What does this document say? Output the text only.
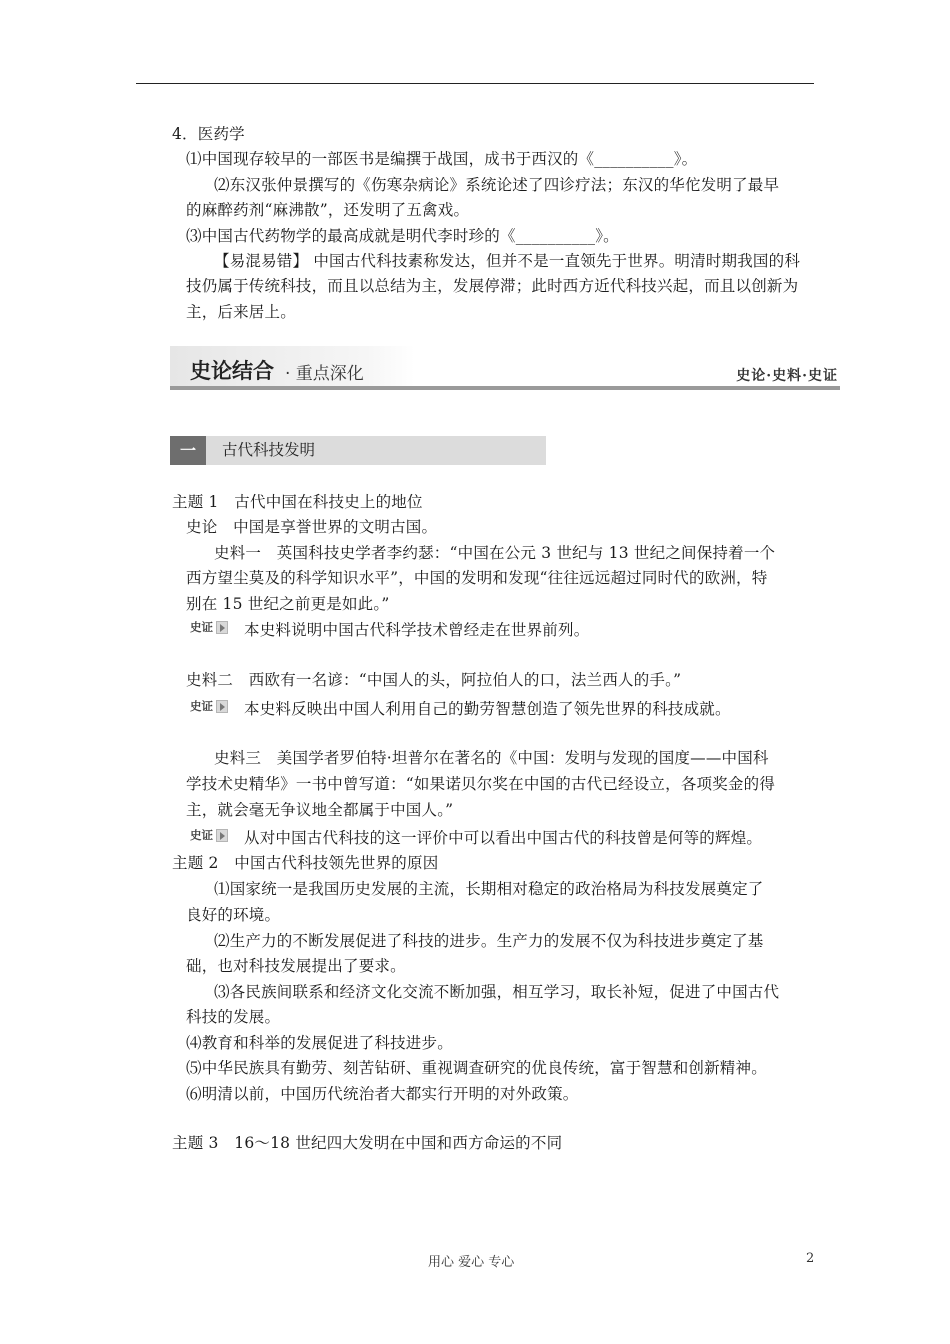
4．医药学
⑴中国现存较早的一部医书是编撰于战国，成书于西汉的《__________》。
⑵东汉张仲景撰写的《伤寒杂病论》系统论述了四诊疗法；东汉的华佗发明了最早
的麻醉药剂“麻沸散”，还发明了五禽戏。
⑶中国古代药物学的最高成就是明代李时珍的《__________》。
【易混易错】 中国古代科技素称发达，但并不是一直领先于世界。明清时期我国的科
技仍属于传统科技，而且以总结为主，发展停滞；此时西方近代科技兴起，而且以创新为
主，后来居上。
史论结合 · 重点深化	史论·史料·史证
一	古代科技发明
主题 1　古代中国在科技史上的地位
史论　中国是享誉世界的文明古国。
史料一　英国科技史学者李约瑟：“中国在公元 3 世纪与 13 世纪之间保持着一个
西方望尘莫及的科学知识水平”，中国的发明和发现“往往远远超过同时代的欧洲，特
别在 15 世纪之前更是如此。”
史证 本史料说明中国古代科学技术曾经走在世界前列。
史料二　西欧有一名谚：“中国人的头，阿拉伯人的口，法兰西人的手。”
史证 本史料反映出中国人利用自己的勤劳智慧创造了领先世界的科技成就。
史料三　美国学者罗伯特·坦普尔在著名的《中国：发明与发现的国度——中国科
学技术史精华》一书中曾写道：“如果诺贝尔奖在中国的古代已经设立，各项奖金的得
主，就会毫无争议地全都属于中国人。”
史证 从对中国古代科技的这一评价中可以看出中国古代的科技曾是何等的辉煌。
主题 2　中国古代科技领先世界的原因
⑴国家统一是我国历史发展的主流，长期相对稳定的政治格局为科技发展奠定了
良好的环境。
⑵生产力的不断发展促进了科技的进步。生产力的发展不仅为科技进步奠定了基
础，也对科技发展提出了要求。
⑶各民族间联系和经济文化交流不断加强，相互学习，取长补短，促进了中国古代
科技的发展。
⑷教育和科举的发展促进了科技进步。
⑸中华民族具有勤劳、刻苦钻研、重视调查研究的优良传统，富于智慧和创新精神。
⑹明清以前，中国历代统治者大都实行开明的对外政策。
主题 3　16～18 世纪四大发明在中国和西方命运的不同
用心 爱心 专心	2
